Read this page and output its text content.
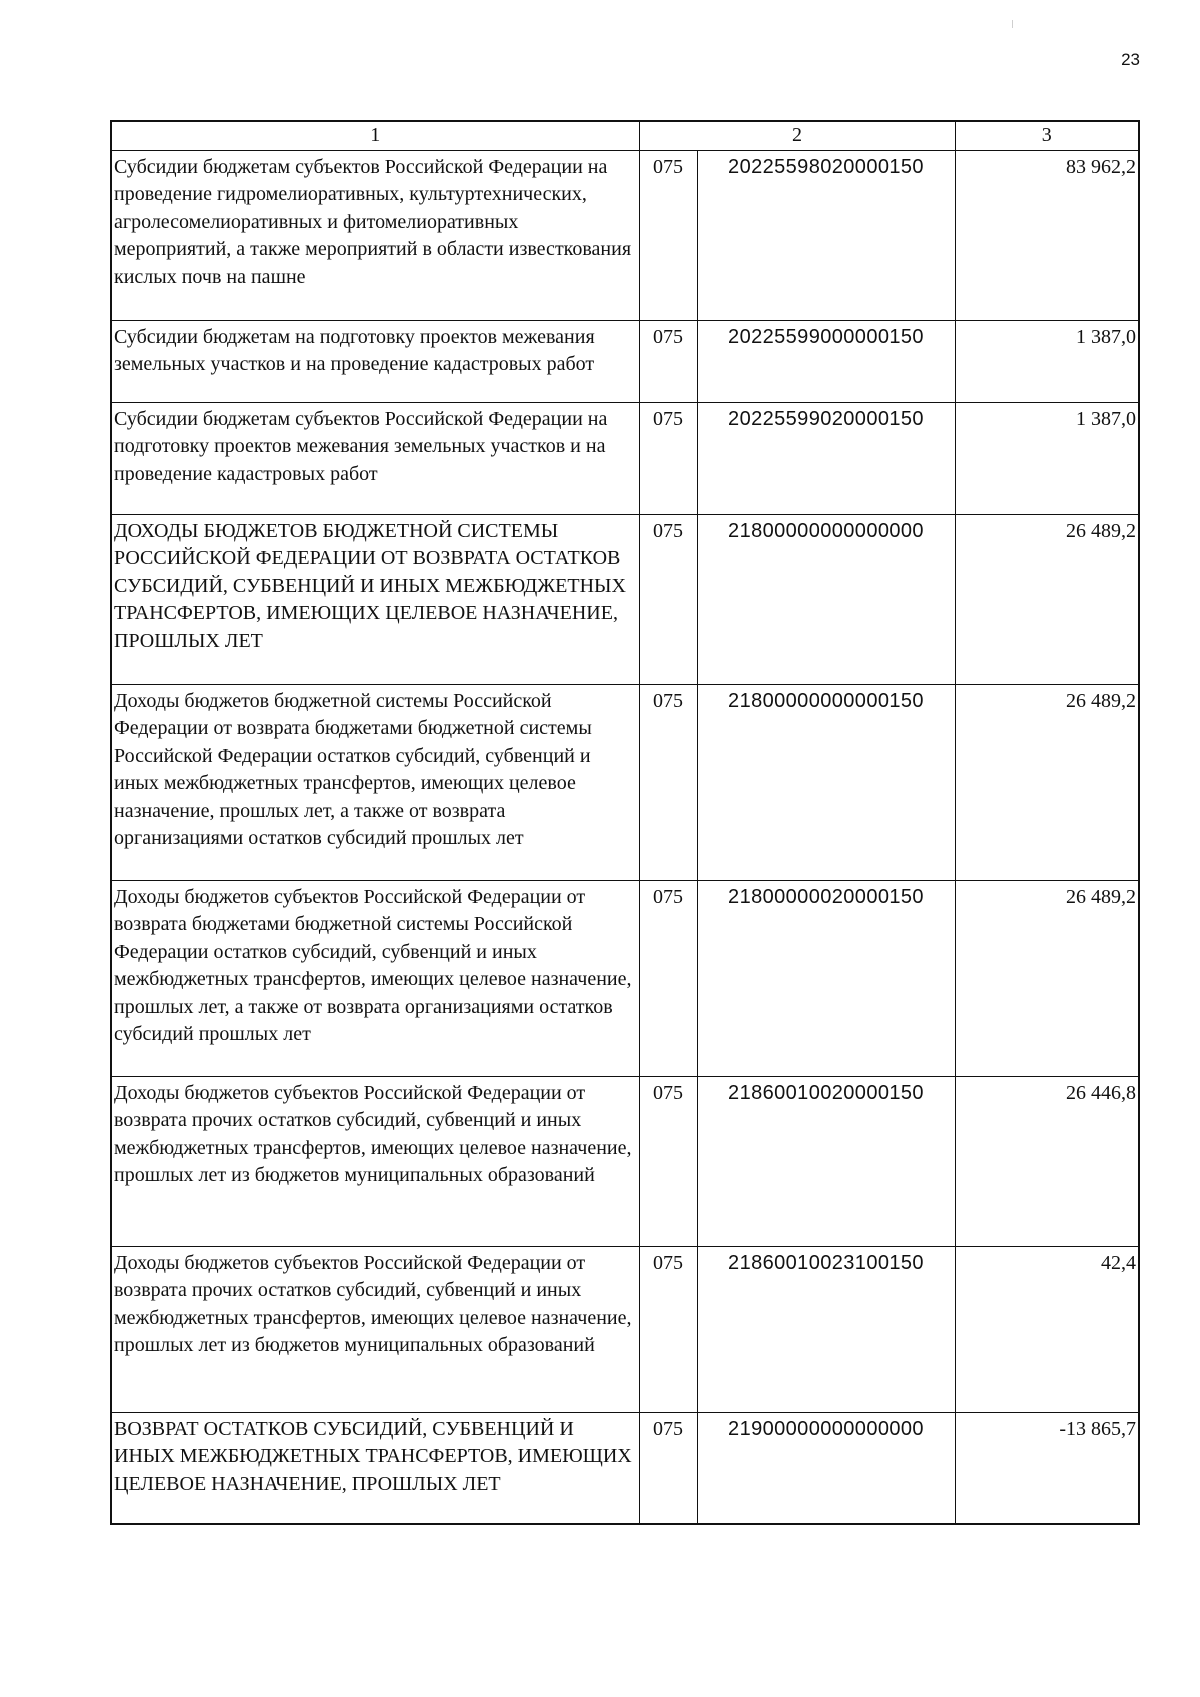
23
1	2		3
Субсидии бюджетам субъектов Российской Федерации на проведение гидромелиоративных, культуртехнических, агролесомелиоративных и фитомелиоративных мероприятий, а также мероприятий в области известкования кислых почв на пашне	075	20225598020000150	83 962,2
Субсидии бюджетам на подготовку проектов межевания земельных участков и на проведение кадастровых работ	075	20225599000000150	1 387,0
Субсидии бюджетам субъектов Российской Федерации на подготовку проектов межевания земельных участков и на проведение кадастровых работ	075	20225599020000150	1 387,0
ДОХОДЫ БЮДЖЕТОВ БЮДЖЕТНОЙ СИСТЕМЫ РОССИЙСКОЙ ФЕДЕРАЦИИ ОТ ВОЗВРАТА ОСТАТКОВ СУБСИДИЙ, СУБВЕНЦИЙ И ИНЫХ МЕЖБЮДЖЕТНЫХ ТРАНСФЕРТОВ, ИМЕЮЩИХ ЦЕЛЕВОЕ НАЗНАЧЕНИЕ, ПРОШЛЫХ ЛЕТ	075	21800000000000000	26 489,2
Доходы бюджетов бюджетной системы Российской Федерации от возврата бюджетами бюджетной системы Российской Федерации остатков субсидий, субвенций и иных межбюджетных трансфертов, имеющих целевое назначение, прошлых лет, а также от возврата организациями остатков субсидий прошлых лет	075	21800000000000150	26 489,2
Доходы бюджетов субъектов Российской Федерации от возврата бюджетами бюджетной системы Российской Федерации остатков субсидий, субвенций и иных межбюджетных трансфертов, имеющих целевое назначение, прошлых лет, а также от возврата организациями остатков субсидий прошлых лет	075	21800000020000150	26 489,2
Доходы бюджетов субъектов Российской Федерации от возврата прочих остатков субсидий, субвенций и иных межбюджетных трансфертов, имеющих целевое назначение, прошлых лет из бюджетов муниципальных образований	075	21860010020000150	26 446,8
Доходы бюджетов субъектов Российской Федерации от возврата прочих остатков субсидий, субвенций и иных межбюджетных трансфертов, имеющих целевое назначение, прошлых лет из бюджетов муниципальных образований	075	21860010023100150	42,4
ВОЗВРАТ ОСТАТКОВ СУБСИДИЙ, СУБВЕНЦИЙ И ИНЫХ МЕЖБЮДЖЕТНЫХ ТРАНСФЕРТОВ, ИМЕЮЩИХ ЦЕЛЕВОЕ НАЗНАЧЕНИЕ, ПРОШЛЫХ ЛЕТ	075	21900000000000000	-13 865,7
